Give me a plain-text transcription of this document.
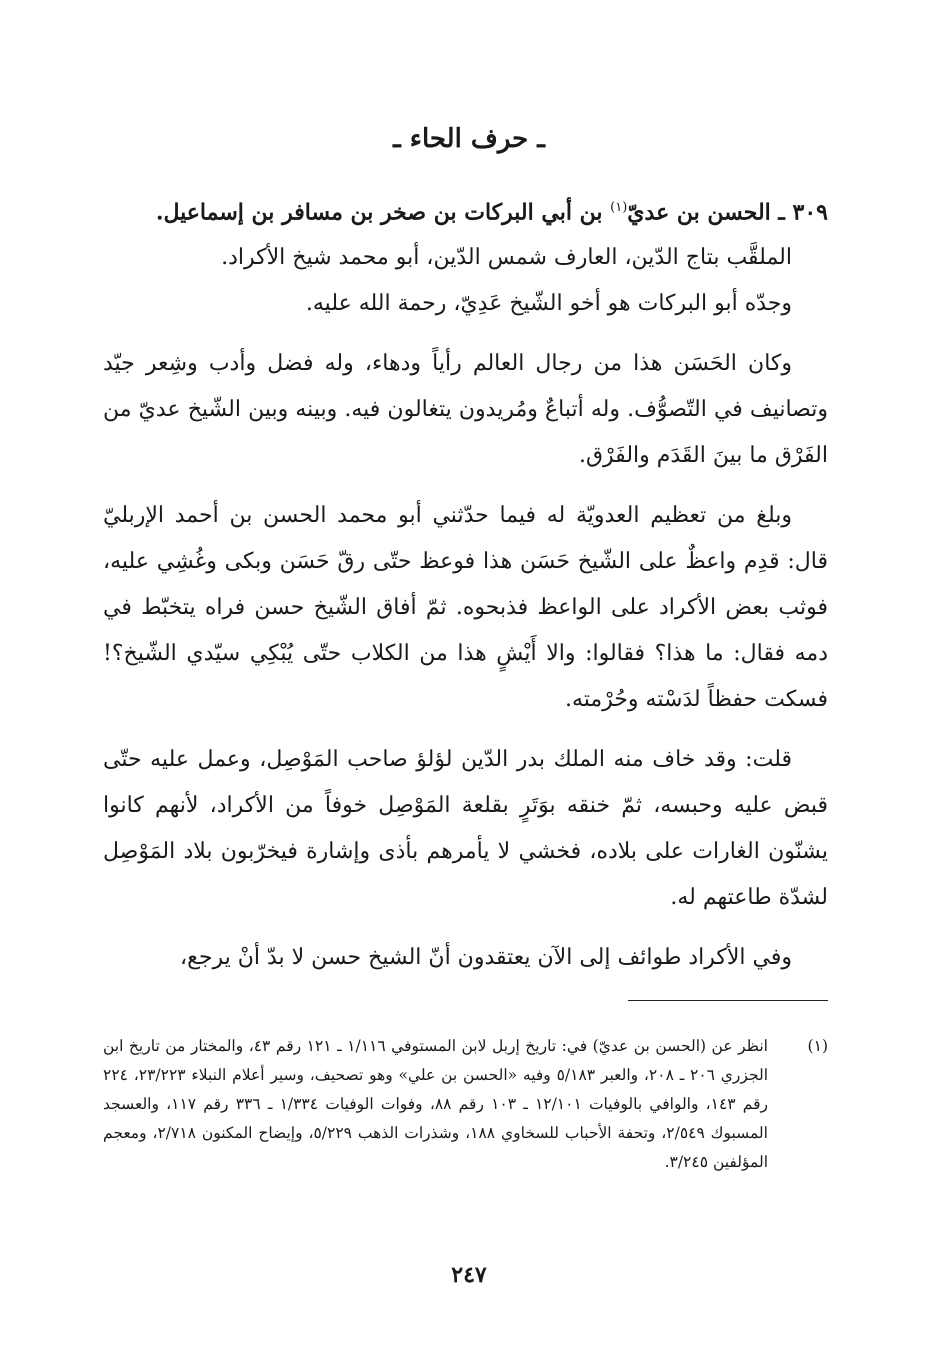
ـ حرف الحاء ـ

٣٠٩ ـ الحسن بن عديّ$^{(١)}$ بن أبي البركات بن صخر بن مسافر بن إسماعيل.

الملقَّب بتاج الدّين، العارف شمس الدّين، أبو محمد شيخ الأكراد.

وجدّه أبو البركات هو أخو الشّيخ عَدِيّ، رحمة الله عليه.

وكان الحَسَن هذا من رجال العالم رأياً ودهاء، وله فضل وأدب وشِعر جيّد وتصانيف في التّصوُّف. وله أتباعٌ ومُريدون يتغالون فيه. وبينه وبين الشّيخ عديّ من الفَرْق ما بينَ القَدَم والفَرْق.

وبلغ من تعظيم العدويّة له فيما حدّثني أبو محمد الحسن بن أحمد الإربليّ قال: قدِم واعظٌ على الشّيخ حَسَن هذا فوعظ حتّى رقّ حَسَن وبكى وغُشِي عليه، فوثب بعض الأكراد على الواعظ فذبحوه. ثمّ أفاق الشّيخ حسن فراه يتخبّط في دمه فقال: ما هذا؟ فقالوا: والا أَيْشٍ هذا من الكلاب حتّى يُبْكِي سيّدي الشّيخ؟! فسكت حفظاً لدَسْته وحُرْمته.

قلت: وقد خاف منه الملك بدر الدّين لؤلؤ صاحب المَوْصِل، وعمل عليه حتّى قبض عليه وحبسه، ثمّ خنقه بوَتَرٍ بقلعة المَوْصِل خوفاً من الأكراد، لأنهم كانوا يشنّون الغارات على بلاده، فخشي لا يأمرهم بأذى وإشارة فيخرّبون بلاد المَوْصِل لشدّة طاعتهم له.

وفي الأكراد طوائف إلى الآن يعتقدون أنّ الشيخ حسن لا بدّ أنْ يرجع،

(١)
انظر عن (الحسن بن عديّ) في: تاريخ إربل لابن المستوفي ١/١١٦ ـ ١٢١ رقم ٤٣، والمختار من تاريخ ابن الجزري ٢٠٦ ـ ٢٠٨، والعبر ٥/١٨٣ وفيه «الحسن بن علي» وهو تصحيف، وسير أعلام النبلاء ٢٣/٢٢٣، ٢٢٤ رقم ١٤٣، والوافي بالوفيات ١٢/١٠١ ـ ١٠٣ رقم ٨٨، وفوات الوفيات ١/٣٣٤ ـ ٣٣٦ رقم ١١٧، والعسجد المسبوك ٢/٥٤٩، وتحفة الأحباب للسخاوي ١٨٨، وشذرات الذهب ٥/٢٢٩، وإيضاح المكنون ٢/٧١٨، ومعجم المؤلفين ٣/٢٤٥.
٢٤٧
